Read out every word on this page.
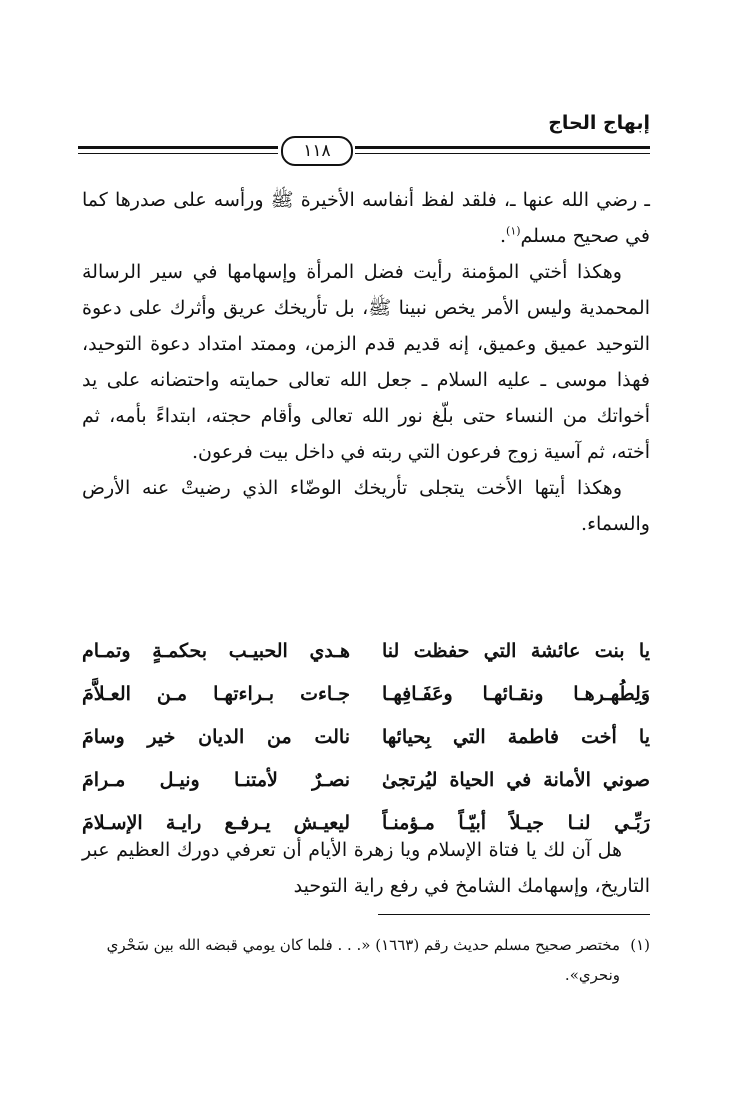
إبهاج الحاج
١١٨

ـ رضي الله عنها ـ، فلقد لفظ أنفاسه الأخيرة ﷺ ورأسه على صدرها كما في صحيح مسلم$^{(١)}$.

وهكذا أختي المؤمنة رأيت فضل المرأة وإسهامها في سير الرسالة المحمدية وليس الأمر يخص نبينا ﷺ، بل تأريخك عريق وأثرك على دعوة التوحيد عميق وعميق، إنه قديم قدم الزمن، وممتد امتداد دعوة التوحيد، فهذا موسى ـ عليه السلام ـ جعل الله تعالى حمايته واحتضانه على يد أخواتك من النساء حتى بلّغ نور الله تعالى وأقام حجته، ابتداءً بأمه، ثم أخته، ثم آسية زوج فرعون التي ربته في داخل بيت فرعون.

وهكذا أيتها الأخت يتجلى تأريخك الوضّاء الذي رضيتْ عنه الأرض والسماء.

يا بنت عائشة التي حفظت لنا
هـدي الحبيـب بحكمـةٍ وتمـام
وَلِطُهـرهـا ونقـائهـا وعَفَـافِهـا
جـاءت بـراءتهـا مـن العـلاَّمَ
يا أخت فاطمة التي بِحيائها
نالت من الديان خير وسامَ
صوني الأمانة في الحياة ليُرتجىٰ
نصـرٌ لأمتنـا ونيـل مـرامَ
رَبِّـي لنـا جيـلاً أبيّـاً مـؤمنـاً
ليعيـش يـرفـع رايـة الإسـلامَ

هل آن لك يا فتاة الإسلام ويا زهرة الأيام أن تعرفي دورك العظيم عبر التاريخ، وإسهامك الشامخ في رفع راية التوحيد

(١)
مختصر صحيح مسلم حديث رقم (١٦٦٣) «. . . فلما كان يومي قبضه الله بين سَحْري ونحري».
